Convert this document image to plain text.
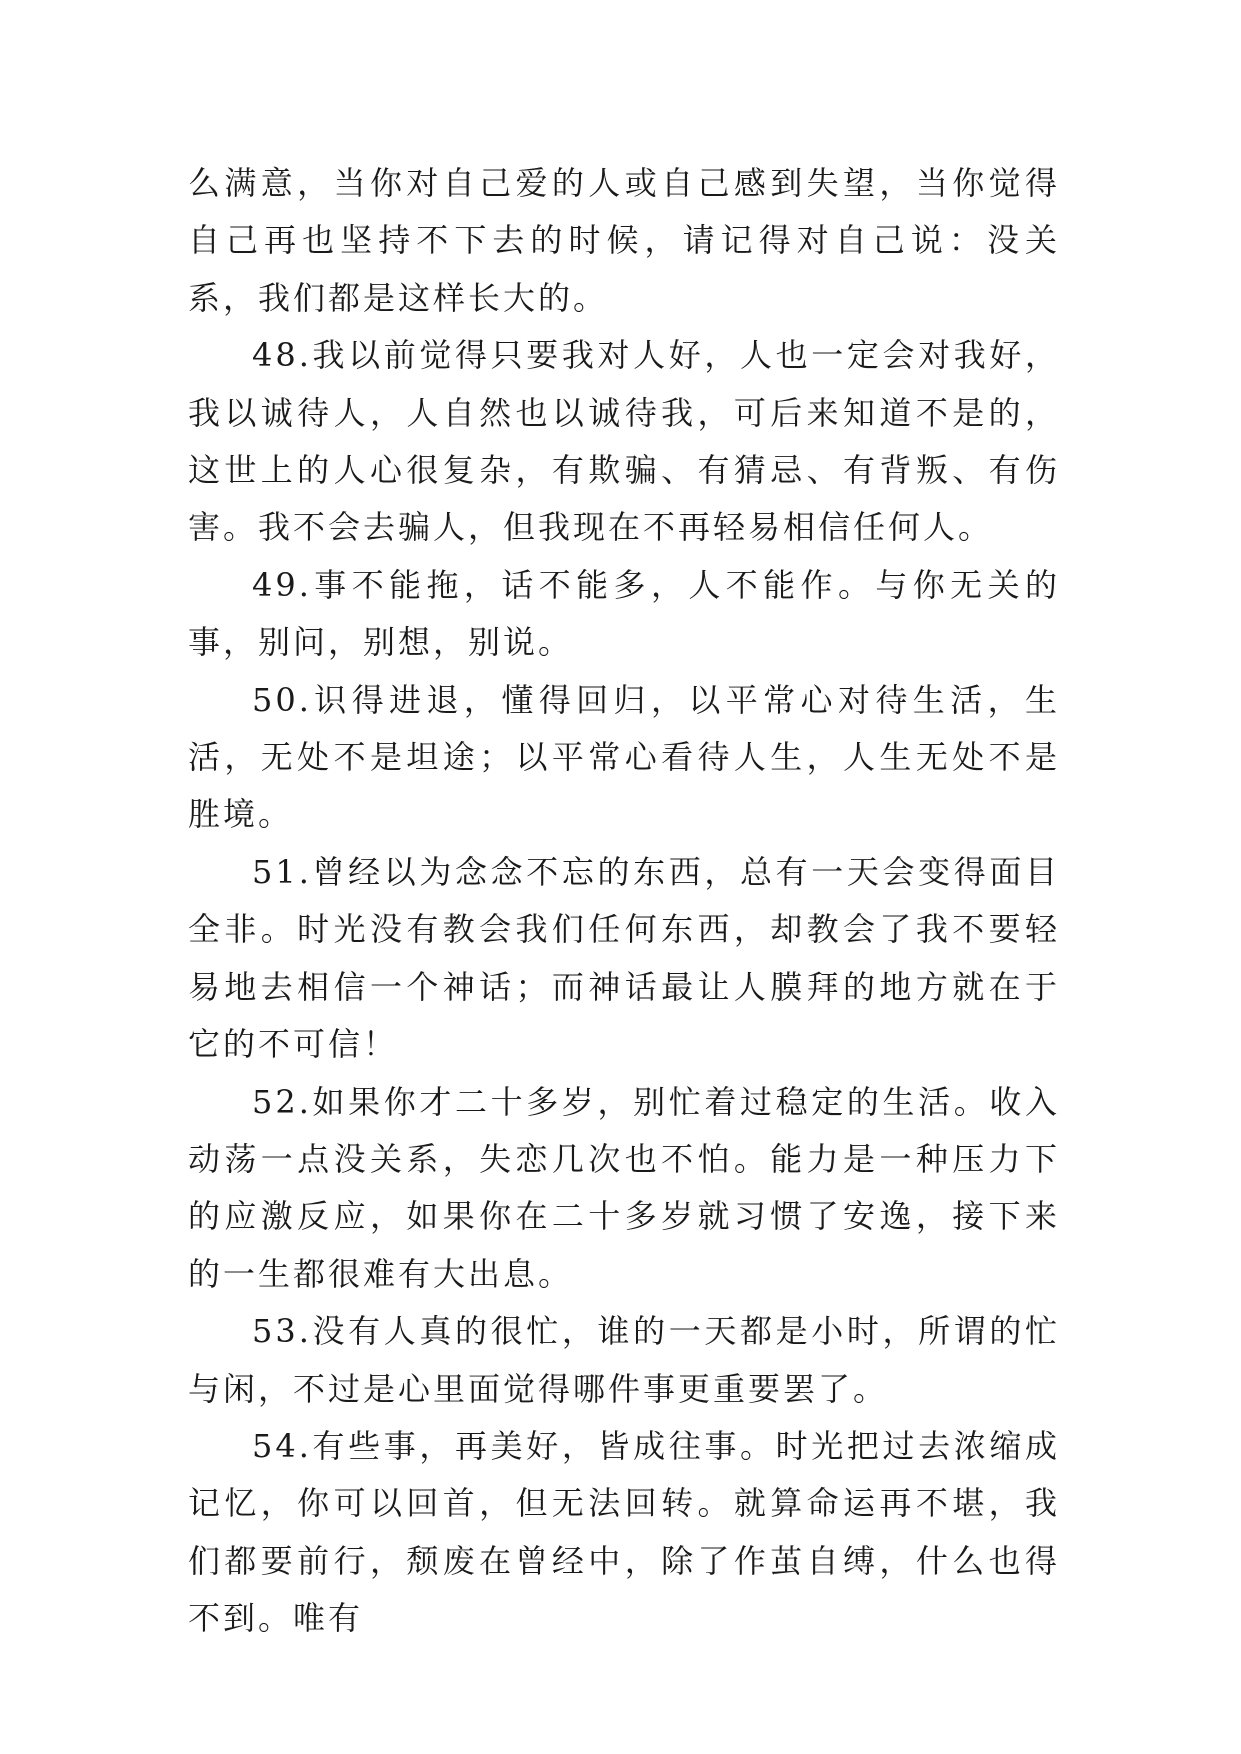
么满意，当你对自己爱的人或自己感到失望，当你觉得自己再也坚持不下去的时候，请记得对自己说：没关系，我们都是这样长大的。

48.我以前觉得只要我对人好，人也一定会对我好，我以诚待人，人自然也以诚待我，可后来知道不是的，这世上的人心很复杂，有欺骗、有猜忌、有背叛、有伤害。我不会去骗人，但我现在不再轻易相信任何人。

49.事不能拖，话不能多，人不能作。与你无关的事，别问，别想，别说。

50.识得进退，懂得回归，以平常心对待生活，生活，无处不是坦途；以平常心看待人生，人生无处不是胜境。

51.曾经以为念念不忘的东西，总有一天会变得面目全非。时光没有教会我们任何东西，却教会了我不要轻易地去相信一个神话；而神话最让人膜拜的地方就在于它的不可信！

52.如果你才二十多岁，别忙着过稳定的生活。收入动荡一点没关系，失恋几次也不怕。能力是一种压力下的应激反应，如果你在二十多岁就习惯了安逸，接下来的一生都很难有大出息。

53.没有人真的很忙，谁的一天都是小时，所谓的忙与闲，不过是心里面觉得哪件事更重要罢了。

54.有些事，再美好，皆成往事。时光把过去浓缩成记忆，你可以回首，但无法回转。就算命运再不堪，我们都要前行，颓废在曾经中，除了作茧自缚，什么也得不到。唯有
